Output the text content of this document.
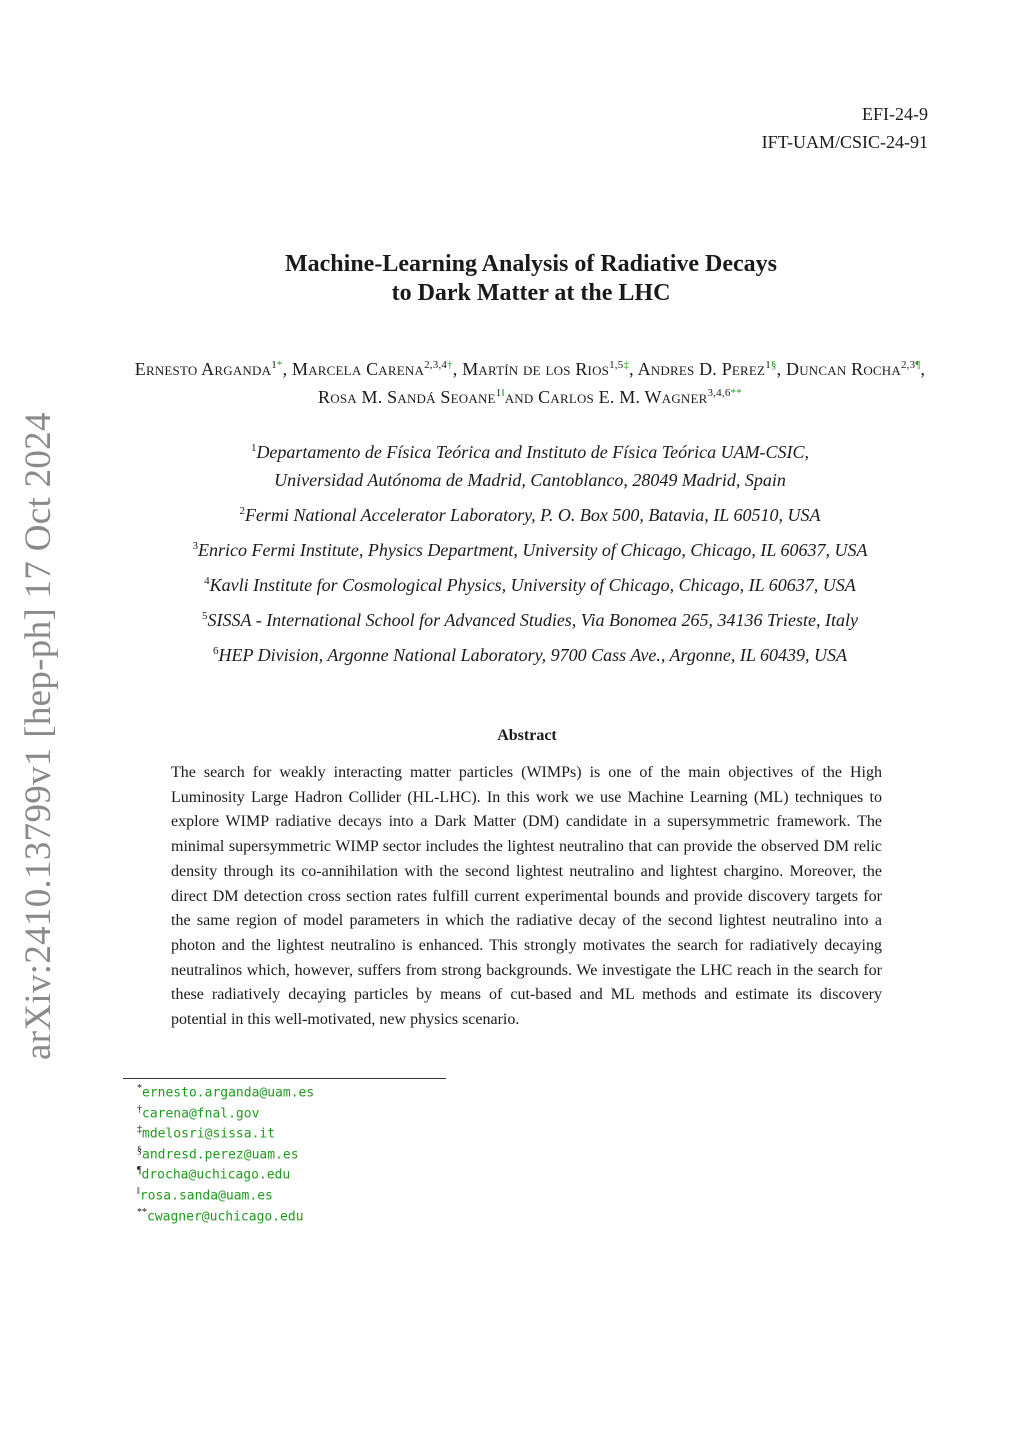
EFI-24-9
IFT-UAM/CSIC-24-91
Machine-Learning Analysis of Radiative Decays
to Dark Matter at the LHC
Ernesto Arganda$^{1*}$, Marcela Carena$^{2,3,4\dagger}$, Martín de los Rios$^{1,5\ddagger}$, Andres D. Perez$^{1\S}$, Duncan Rocha$^{2,3\P}$, Rosa M. Sandá Seoane$^{1‖}$and Carlos E. M. Wagner$^{3,4,6**}$
$^1$Departamento de Física Teórica and Instituto de Física Teórica UAM-CSIC,
Universidad Autónoma de Madrid, Cantoblanco, 28049 Madrid, Spain
$^2$Fermi National Accelerator Laboratory, P. O. Box 500, Batavia, IL 60510, USA
$^3$Enrico Fermi Institute, Physics Department, University of Chicago, Chicago, IL 60637, USA
$^4$Kavli Institute for Cosmological Physics, University of Chicago, Chicago, IL 60637, USA
$^5$SISSA - International School for Advanced Studies, Via Bonomea 265, 34136 Trieste, Italy
$^6$HEP Division, Argonne National Laboratory, 9700 Cass Ave., Argonne, IL 60439, USA
Abstract
The search for weakly interacting matter particles (WIMPs) is one of the main objectives of the High Luminosity Large Hadron Collider (HL-LHC). In this work we use Machine Learning (ML) techniques to explore WIMP radiative decays into a Dark Matter (DM) candidate in a supersymmetric framework. The minimal supersymmetric WIMP sector includes the lightest neutralino that can provide the observed DM relic density through its co-annihilation with the second lightest neutralino and lightest chargino. Moreover, the direct DM detection cross section rates fulfill current experimental bounds and provide discovery targets for the same region of model parameters in which the radiative decay of the second lightest neutralino into a photon and the lightest neutralino is enhanced. This strongly motivates the search for radiatively decaying neutralinos which, however, suffers from strong backgrounds. We investigate the LHC reach in the search for these radiatively decaying particles by means of cut-based and ML methods and estimate its discovery potential in this well-motivated, new physics scenario.
arXiv:2410.13799v1 [hep-ph] 17 Oct 2024
*ernesto.arganda@uam.es
†carena@fnal.gov
‡mdelosri@sissa.it
§andresd.perez@uam.es
¶drocha@uchicago.edu
‖rosa.sanda@uam.es
**cwagner@uchicago.edu
